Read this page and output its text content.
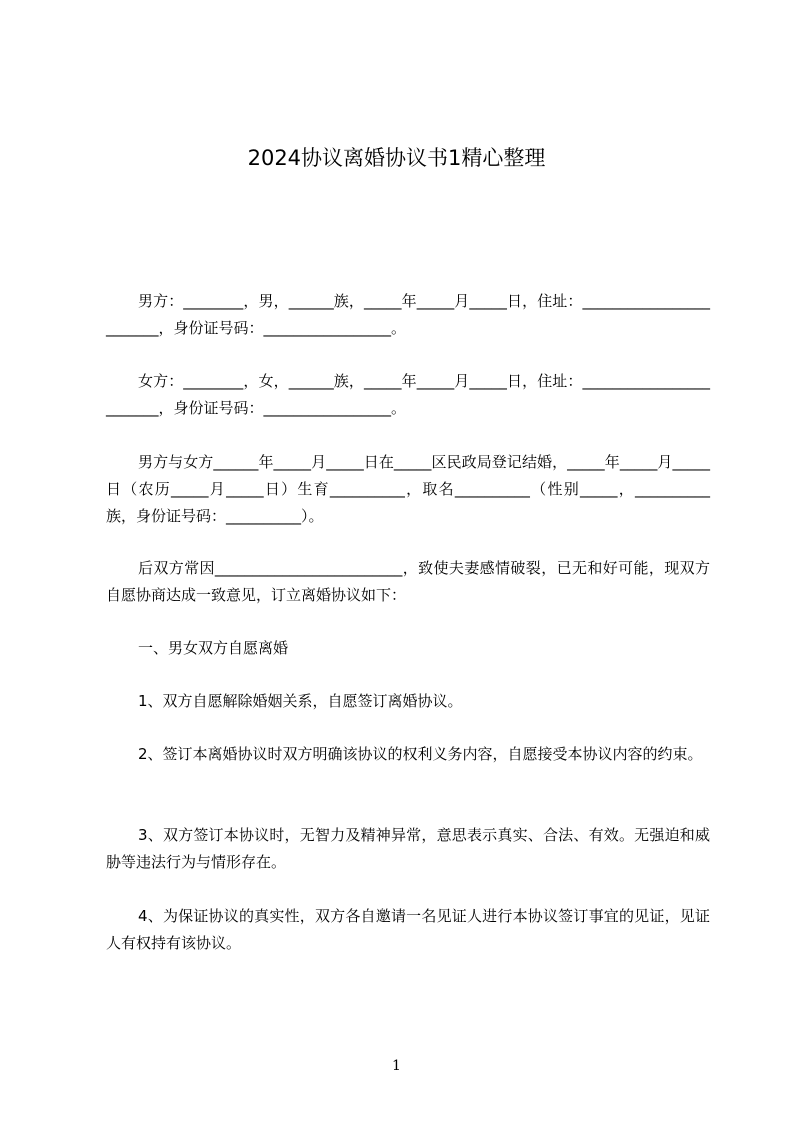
2024协议离婚协议书1精心整理

男方：________，男，______族，_____年_____月_____日，住址：________________________，身份证号码：_________________。

女方：________，女，______族，_____年_____月_____日，住址：________________________，身份证号码：_________________。

男方与女方______年_____月_____日在_____区民政局登记结婚，_____年_____月_____日（农历_____月_____日）生育__________，取名__________（性别_____，__________族，身份证号码：__________）。

后双方常因_________________________，致使夫妻感情破裂，已无和好可能，现双方自愿协商达成一致意见，订立离婚协议如下：

一、男女双方自愿离婚

1、双方自愿解除婚姻关系，自愿签订离婚协议。

2、签订本离婚协议时双方明确该协议的权利义务内容，自愿接受本协议内容的约束。

3、双方签订本协议时，无智力及精神异常，意思表示真实、合法、有效。无强迫和威胁等违法行为与情形存在。

4、为保证协议的真实性，双方各自邀请一名见证人进行本协议签订事宜的见证，见证人有权持有该协议。

1
